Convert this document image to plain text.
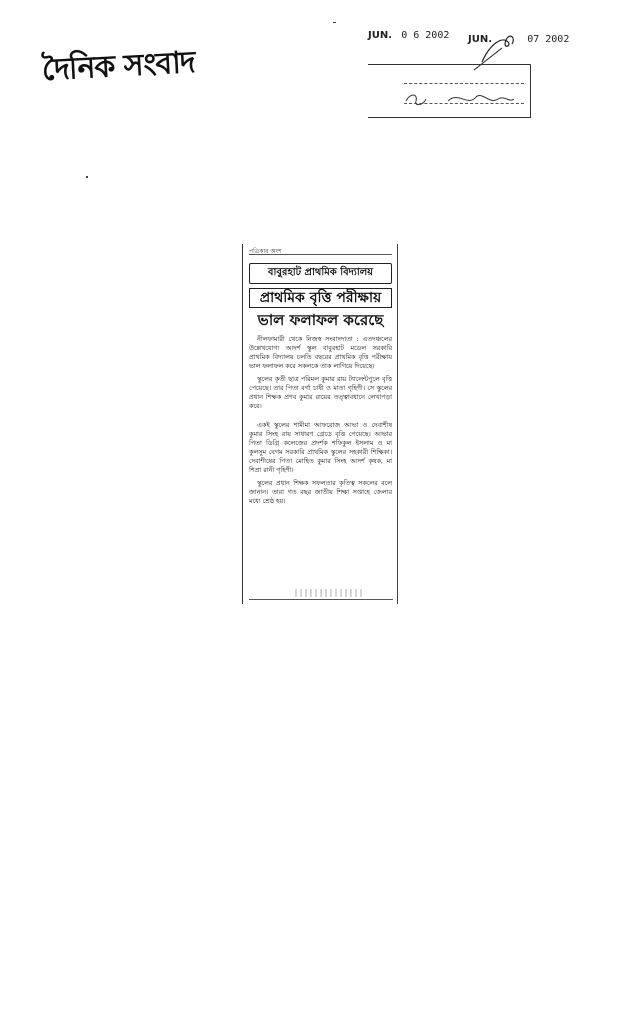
দৈনিক সংবাদ
JUN. 0 6 2002 JUN.	07 2002
পত্রিকার অংশ
বাবুরহাট প্রাথমিক বিদ্যালয়
প্রাথমিক বৃত্তি পরীক্ষায়
ভাল ফলাফল করেছে
নীলফামারী থেকে নিজস্ব সংবাদদাতা : এতদঞ্চলের উল্লেখযোগ্য আদর্শ স্কুল বাবুরহাট মডেল সরকারি প্রাথমিক বিদ্যালয় চলতি বছরের প্রাথমিক বৃত্তি পরীক্ষায় ভাল ফলাফল করে সকলকে তাক লাগিয়ে দিয়েছে।
স্কুলের কৃতী ছাত্র পরিমল কুমার রায় ট্যালেন্টপুলে বৃত্তি পেয়েছে। তার পিতা বর্গা চাষী ও মাতা গৃহিণী। সে স্কুলের প্রধান শিক্ষক প্রণব কুমার রায়ের তত্ত্বাবধানে লেখাপড়া করে।
একই স্কুলের শামীমা আফরোজ আভা ও দেবাশীষ কুমার সিংহ রায় সাধারণ গ্রেডে বৃত্তি পেয়েছে। আভার পিতা ডিগ্রি কলেজের প্রদর্শক শফিকুল ইসলাম ও মা কুলসুম বেগম সরকারি প্রাথমিক স্কুলের সহকারী শিক্ষিকা। দেবাশীষের পিতা মোহিত কুমার সিংহ আদর্শ কৃষক, মা শিপ্রা রানী গৃহিণী।
স্কুলের প্রধান শিক্ষক সফলতার কৃতিত্ব সকলের বলে জানান। তারা গত বছর জাতীয় শিক্ষা সপ্তাহে জেলার মধ্যে শ্রেষ্ঠ হয়।
